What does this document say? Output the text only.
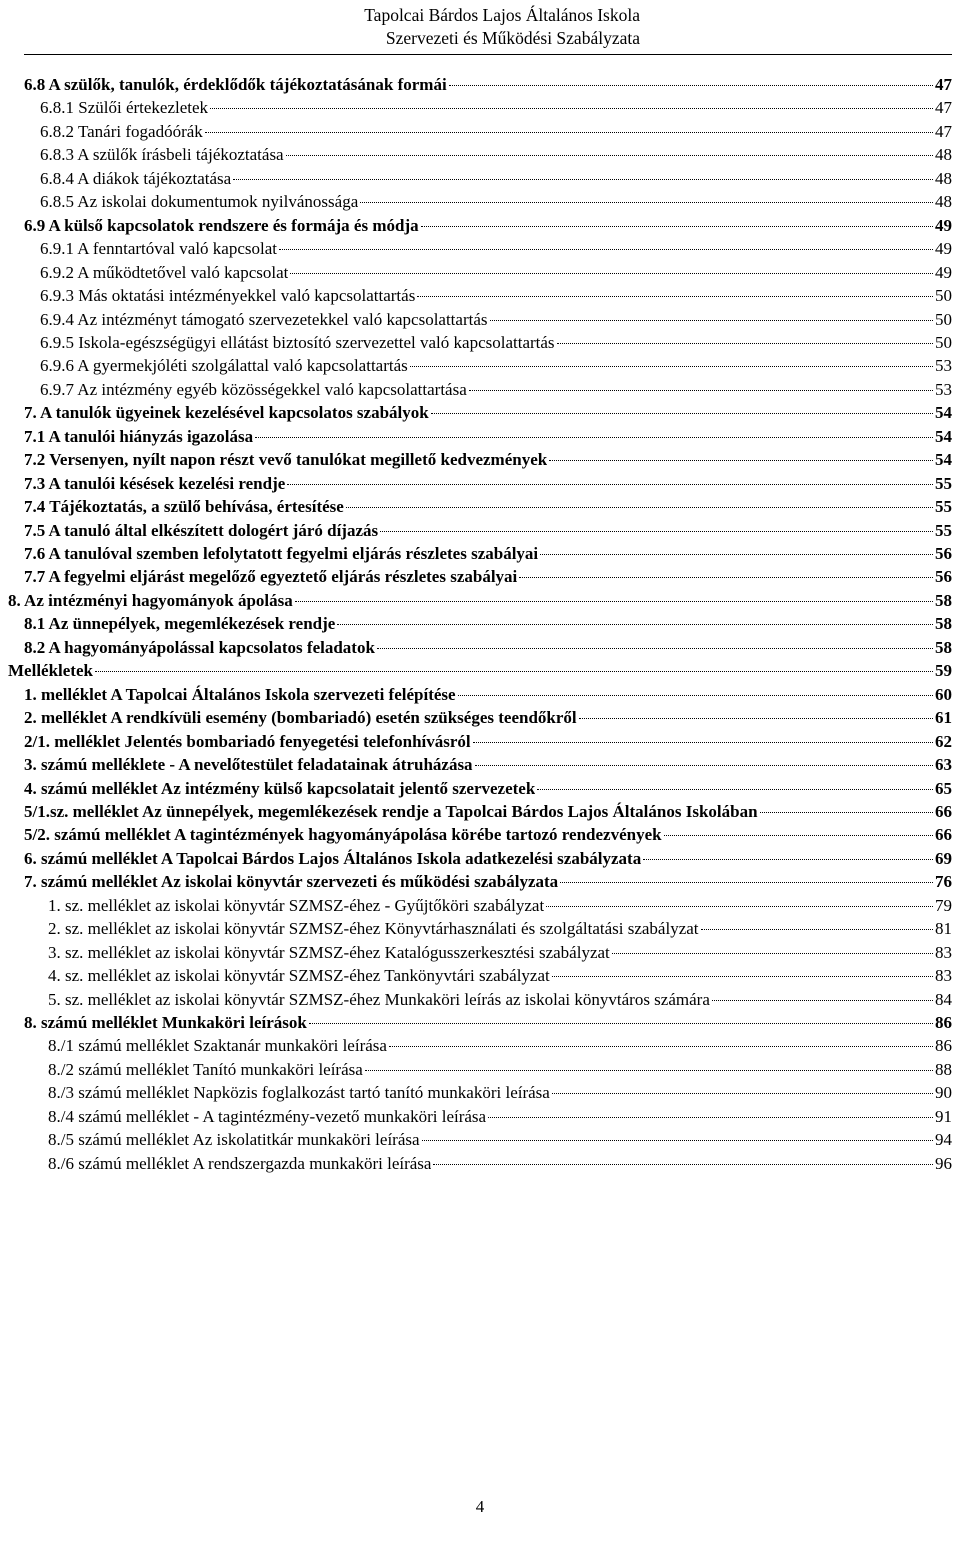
Tapolcai Bárdos Lajos Általános Iskola
Szervezeti és Működési Szabályzata
6.8 A szülők, tanulók, érdeklődők tájékoztatásának formái	47
6.8.1 Szülői értekezletek	47
6.8.2 Tanári fogadóórák	47
6.8.3 A szülők írásbeli tájékoztatása	48
6.8.4 A diákok tájékoztatása	48
6.8.5 Az iskolai dokumentumok nyilvánossága	48
6.9 A külső kapcsolatok rendszere és formája és módja	49
6.9.1 A fenntartóval való kapcsolat	49
6.9.2 A működtetővel való kapcsolat	49
6.9.3 Más oktatási intézményekkel való kapcsolattartás	50
6.9.4 Az intézményt támogató szervezetekkel való kapcsolattartás	50
6.9.5 Iskola-egészségügyi ellátást biztosító szervezettel való kapcsolattartás	50
6.9.6 A gyermekjóléti szolgálattal való kapcsolattartás	53
6.9.7 Az intézmény egyéb közösségekkel való kapcsolattartása	53
7. A tanulók ügyeinek kezelésével kapcsolatos szabályok	54
7.1 A tanulói hiányzás igazolása	54
7.2 Versenyen, nyílt napon részt vevő tanulókat megillető kedvezmények	54
7.3 A tanulói késések kezelési rendje	55
7.4 Tájékoztatás, a szülő behívása, értesítése	55
7.5 A tanuló által elkészített dologért járó díjazás	55
7.6 A tanulóval szemben lefolytatott fegyelmi eljárás részletes szabályai	56
7.7 A fegyelmi eljárást megelőző egyeztető eljárás részletes szabályai	56
8. Az intézményi hagyományok ápolása	58
8.1 Az ünnepélyek, megemlékezések rendje	58
8.2 A hagyományápolással kapcsolatos feladatok	58
Mellékletek	59
1. melléklet A Tapolcai Általános Iskola szervezeti felépítése	60
2. melléklet A rendkívüli esemény (bombariadó) esetén szükséges teendőkről	61
2/1. melléklet Jelentés bombariadó fenyegetési telefonhívásról	62
3. számú melléklete - A nevelőtestület feladatainak átruházása	63
4. számú melléklet Az intézmény külső kapcsolatait jelentő szervezetek	65
5/1.sz. melléklet Az ünnepélyek, megemlékezések rendje a Tapolcai Bárdos Lajos Általános Iskolában	66
5/2. számú melléklet A tagintézmények hagyományápolása körébe tartozó rendezvények	66
6. számú melléklet A Tapolcai Bárdos Lajos Általános Iskola adatkezelési szabályzata	69
7. számú melléklet Az iskolai könyvtár szervezeti és működési szabályzata	76
1. sz. melléklet az iskolai könyvtár SZMSZ-éhez - Gyűjtőköri szabályzat	79
2. sz. melléklet az iskolai könyvtár SZMSZ-éhez Könyvtárhasználati és szolgáltatási szabályzat	81
3. sz. melléklet az iskolai könyvtár SZMSZ-éhez Katalógusszerkesztési szabályzat	83
4. sz. melléklet az iskolai könyvtár SZMSZ-éhez Tankönyvtári szabályzat	83
5. sz. melléklet az iskolai könyvtár SZMSZ-éhez Munkaköri leírás az iskolai könyvtáros számára	84
8. számú melléklet Munkaköri leírások	86
8./1 számú melléklet Szaktanár munkaköri leírása	86
8./2 számú melléklet Tanító munkaköri leírása	88
8./3 számú melléklet Napközis foglalkozást tartó tanító munkaköri leírása	90
8./4 számú melléklet - A tagintézmény-vezető munkaköri leírása	91
8./5 számú melléklet Az iskolatitkár munkaköri leírása	94
8./6 számú melléklet A rendszergazda munkaköri leírása	96
4
